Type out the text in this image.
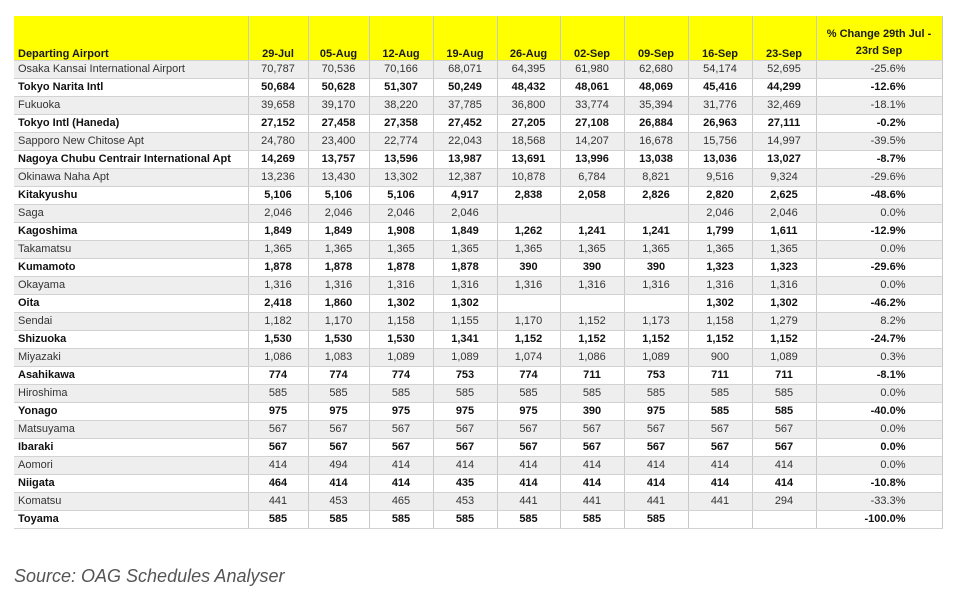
Departing Airport	29-Jul	05-Aug	12-Aug	19-Aug	26-Aug	02-Sep	09-Sep	16-Sep	23-Sep	% Change 29th Jul -
23rd Sep

Osaka Kansai International Airport	70,787	70,536	70,166	68,071	64,395	61,980	62,680	54,174	52,695	-25.6%
Tokyo Narita Intl	50,684	50,628	51,307	50,249	48,432	48,061	48,069	45,416	44,299	-12.6%
Fukuoka	39,658	39,170	38,220	37,785	36,800	33,774	35,394	31,776	32,469	-18.1%
Tokyo Intl (Haneda)	27,152	27,458	27,358	27,452	27,205	27,108	26,884	26,963	27,111	-0.2%
Sapporo New Chitose Apt	24,780	23,400	22,774	22,043	18,568	14,207	16,678	15,756	14,997	-39.5%
Nagoya Chubu Centrair International Apt	14,269	13,757	13,596	13,987	13,691	13,996	13,038	13,036	13,027	-8.7%
Okinawa Naha Apt	13,236	13,430	13,302	12,387	10,878	6,784	8,821	9,516	9,324	-29.6%
Kitakyushu	5,106	5,106	5,106	4,917	2,838	2,058	2,826	2,820	2,625	-48.6%
Saga	2,046	2,046	2,046	2,046				2,046	2,046	0.0%
Kagoshima	1,849	1,849	1,908	1,849	1,262	1,241	1,241	1,799	1,611	-12.9%
Takamatsu	1,365	1,365	1,365	1,365	1,365	1,365	1,365	1,365	1,365	0.0%
Kumamoto	1,878	1,878	1,878	1,878	390	390	390	1,323	1,323	-29.6%
Okayama	1,316	1,316	1,316	1,316	1,316	1,316	1,316	1,316	1,316	0.0%
Oita	2,418	1,860	1,302	1,302				1,302	1,302	-46.2%
Sendai	1,182	1,170	1,158	1,155	1,170	1,152	1,173	1,158	1,279	8.2%
Shizuoka	1,530	1,530	1,530	1,341	1,152	1,152	1,152	1,152	1,152	-24.7%
Miyazaki	1,086	1,083	1,089	1,089	1,074	1,086	1,089	900	1,089	0.3%
Asahikawa	774	774	774	753	774	711	753	711	711	-8.1%
Hiroshima	585	585	585	585	585	585	585	585	585	0.0%
Yonago	975	975	975	975	975	390	975	585	585	-40.0%
Matsuyama	567	567	567	567	567	567	567	567	567	0.0%
Ibaraki	567	567	567	567	567	567	567	567	567	0.0%
Aomori	414	494	414	414	414	414	414	414	414	0.0%
Niigata	464	414	414	435	414	414	414	414	414	-10.8%
Komatsu	441	453	465	453	441	441	441	441	294	-33.3%
Toyama	585	585	585	585	585	585	585			-100.0%
Source: OAG Schedules Analyser
